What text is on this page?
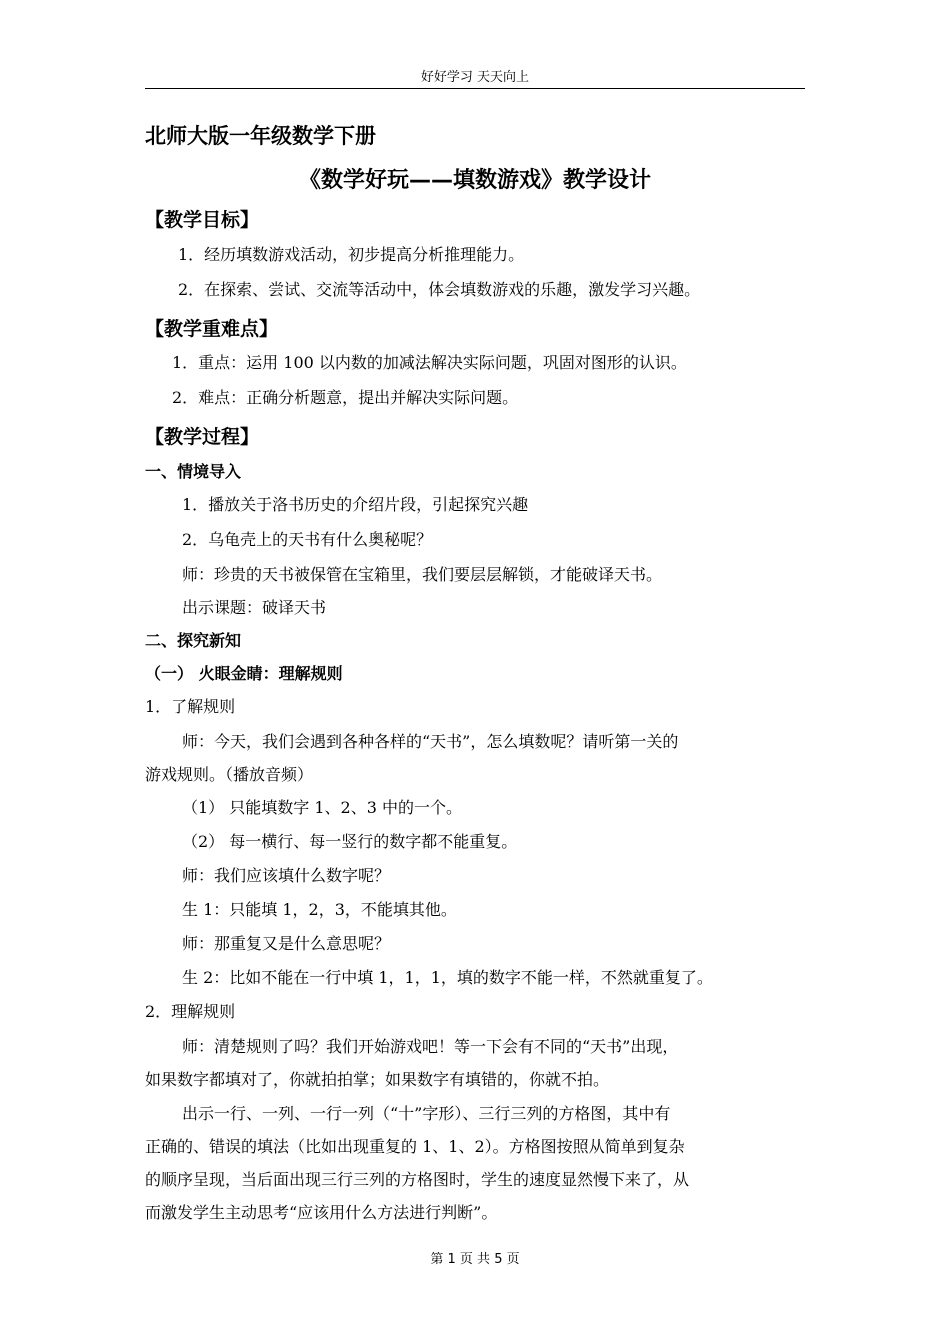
好好学习 天天向上
北师大版一年级数学下册
《数学好玩——填数游戏》教学设计
【教学目标】
1．经历填数游戏活动，初步提高分析推理能力。
2．在探索、尝试、交流等活动中，体会填数游戏的乐趣，激发学习兴趣。
【教学重难点】
1．重点：运用 100 以内数的加减法解决实际问题，巩固对图形的认识。
2．难点：正确分析题意，提出并解决实际问题。
【教学过程】
一、情境导入
1．播放关于洛书历史的介绍片段，引起探究兴趣
2．乌龟壳上的天书有什么奥秘呢？
师：珍贵的天书被保管在宝箱里，我们要层层解锁，才能破译天书。
出示课题：破译天书
二、探究新知
（一） 火眼金睛：理解规则
1．了解规则
师：今天，我们会遇到各种各样的“天书”，怎么填数呢？请听第一关的
游戏规则。（播放音频）
（1） 只能填数字 1、2、3 中的一个。
（2） 每一横行、每一竖行的数字都不能重复。
师：我们应该填什么数字呢？
生 1：只能填 1，2，3，不能填其他。
师：那重复又是什么意思呢？
生 2：比如不能在一行中填 1，1，1，填的数字不能一样，不然就重复了。
2．理解规则
师：清楚规则了吗？我们开始游戏吧！等一下会有不同的“天书”出现，
如果数字都填对了，你就拍拍掌；如果数字有填错的，你就不拍。
出示一行、一列、一行一列（“十”字形）、三行三列的方格图，其中有
正确的、错误的填法（比如出现重复的 1、1、2）。方格图按照从简单到复杂
的顺序呈现，当后面出现三行三列的方格图时，学生的速度显然慢下来了，从
而激发学生主动思考“应该用什么方法进行判断”。
第 1 页 共 5 页
